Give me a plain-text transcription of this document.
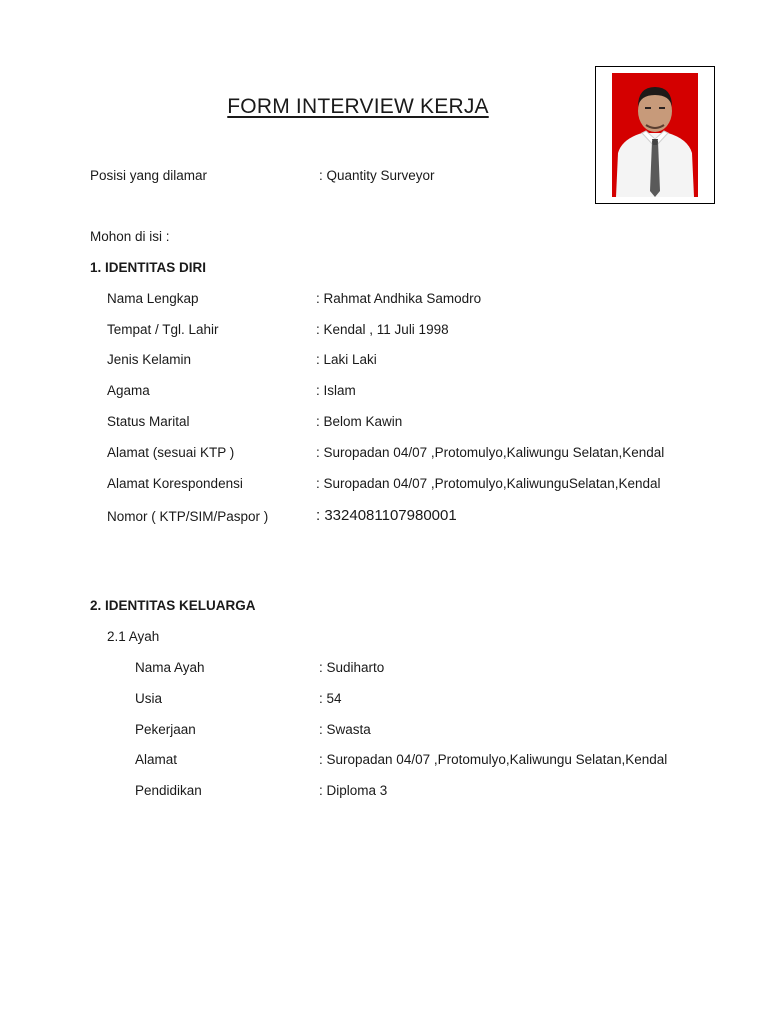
FORM INTERVIEW KERJA
Posisi yang dilamar	: Quantity Surveyor
Mohon di isi :
1. IDENTITAS DIRI
Nama Lengkap	: Rahmat Andhika Samodro
Tempat / Tgl. Lahir	: Kendal , 11 Juli 1998
Jenis Kelamin	: Laki Laki
Agama	: Islam
Status Marital	: Belom Kawin
Alamat (sesuai KTP )	: Suropadan 04/07 ,Protomulyo,Kaliwungu Selatan,Kendal
Alamat Korespondensi	: Suropadan 04/07 ,Protomulyo,KaliwunguSelatan,Kendal
Nomor ( KTP/SIM/Paspor )	: 3324081107980001
2. IDENTITAS KELUARGA
2.1 Ayah
Nama Ayah	: Sudiharto
Usia	: 54
Pekerjaan	: Swasta
Alamat	: Suropadan 04/07 ,Protomulyo,Kaliwungu Selatan,Kendal
Pendidikan	: Diploma 3
